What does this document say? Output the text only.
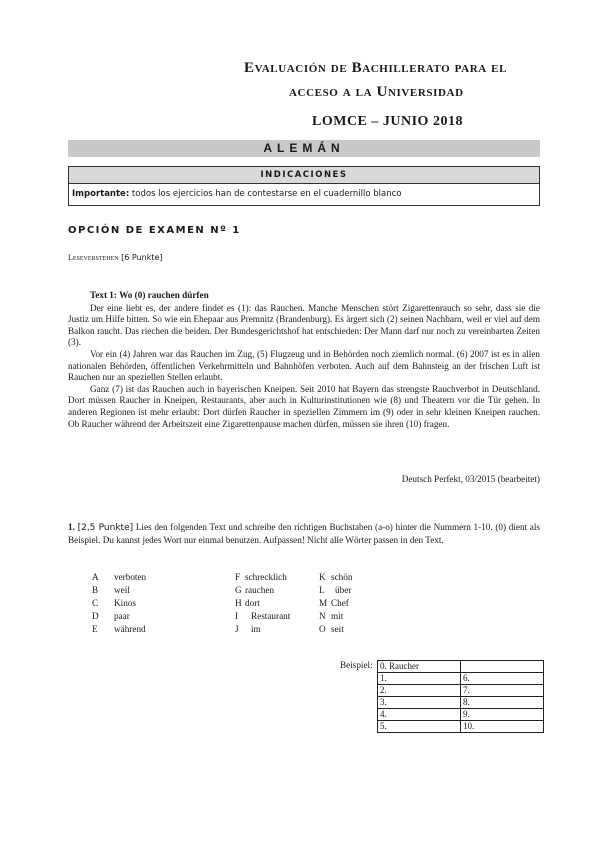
Evaluación de Bachillerato para el
acceso a la Universidad
LOMCE – JUNIO 2018
ALEMÁN
INDICACIONES
Importante: todos los ejercicios han de contestarse en el cuadernillo blanco
OPCIÓN DE EXAMEN Nº 1
Leseverstehen [6 Punkte]
Text 1: Wo (0) rauchen dürfen

Der eine liebt es, der andere findet es (1): das Rauchen. Manche Menschen stört Zigarettenrauch so sehr, dass sie die Justiz um Hilfe bitten. So wie ein Ehepaar aus Premnitz (Brandenburg). Es ärgert sich (2) seinen Nachbarn, weil er viel auf dem Balkon raucht. Das riechen die beiden. Der Bundesgerichtshof hat entschieden: Der Mann darf nur noch zu vereinbarten Zeiten (3).

Vor ein (4) Jahren war das Rauchen im Zug, (5) Flugzeug und in Behörden noch ziemlich normal. (6) 2007 ist es in allen nationalen Behörden, öffentlichen Verkehrmitteln und Bahnhöfen verboten. Auch auf dem Bahnsteig an der frischen Luft ist Rauchen nur an speziellen Stellen erlaubt.

Ganz (7) ist das Rauchen auch in bayerischen Kneipen. Seit 2010 hat Bayern das strengste Rauchverbot in Deutschland. Dort müssen Raucher in Kneipen, Restaurants, aber auch in Kulturinstitutionen wie (8) und Theatern vor die Tür gehen. In anderen Regionen ist mehr erlaubt: Dort dürfen Raucher in speziellen Zimmern im (9) oder in sehr kleinen Kneipen rauchen. Ob Raucher während der Arbeitszeit eine Zigarettenpause machen dürfen, müssen sie ihren (10) fragen.

Deutsch Perfekt, 03/2015 (bearbeitet)
1. [2,5 Punkte] Lies den folgenden Text und schreibe den richtigen Buchstaben (a-o) hinter die Nummern 1-10. (0) dient als Beispiel. Du kannst jedes Wort nur einmal benutzen. Aufpassen! Nicht alle Wörter passen in den Text.
A verboten
B weil
C Kinos
D paar
E während
F schrecklich
G rauchen
H dort
I Restaurant
J im
K schön
L über
M Chef
N mit
O seit
Beispiel: 0. Raucher	
1.	6.
2.	7.
3.	8.
4.	9.
5.	10.
